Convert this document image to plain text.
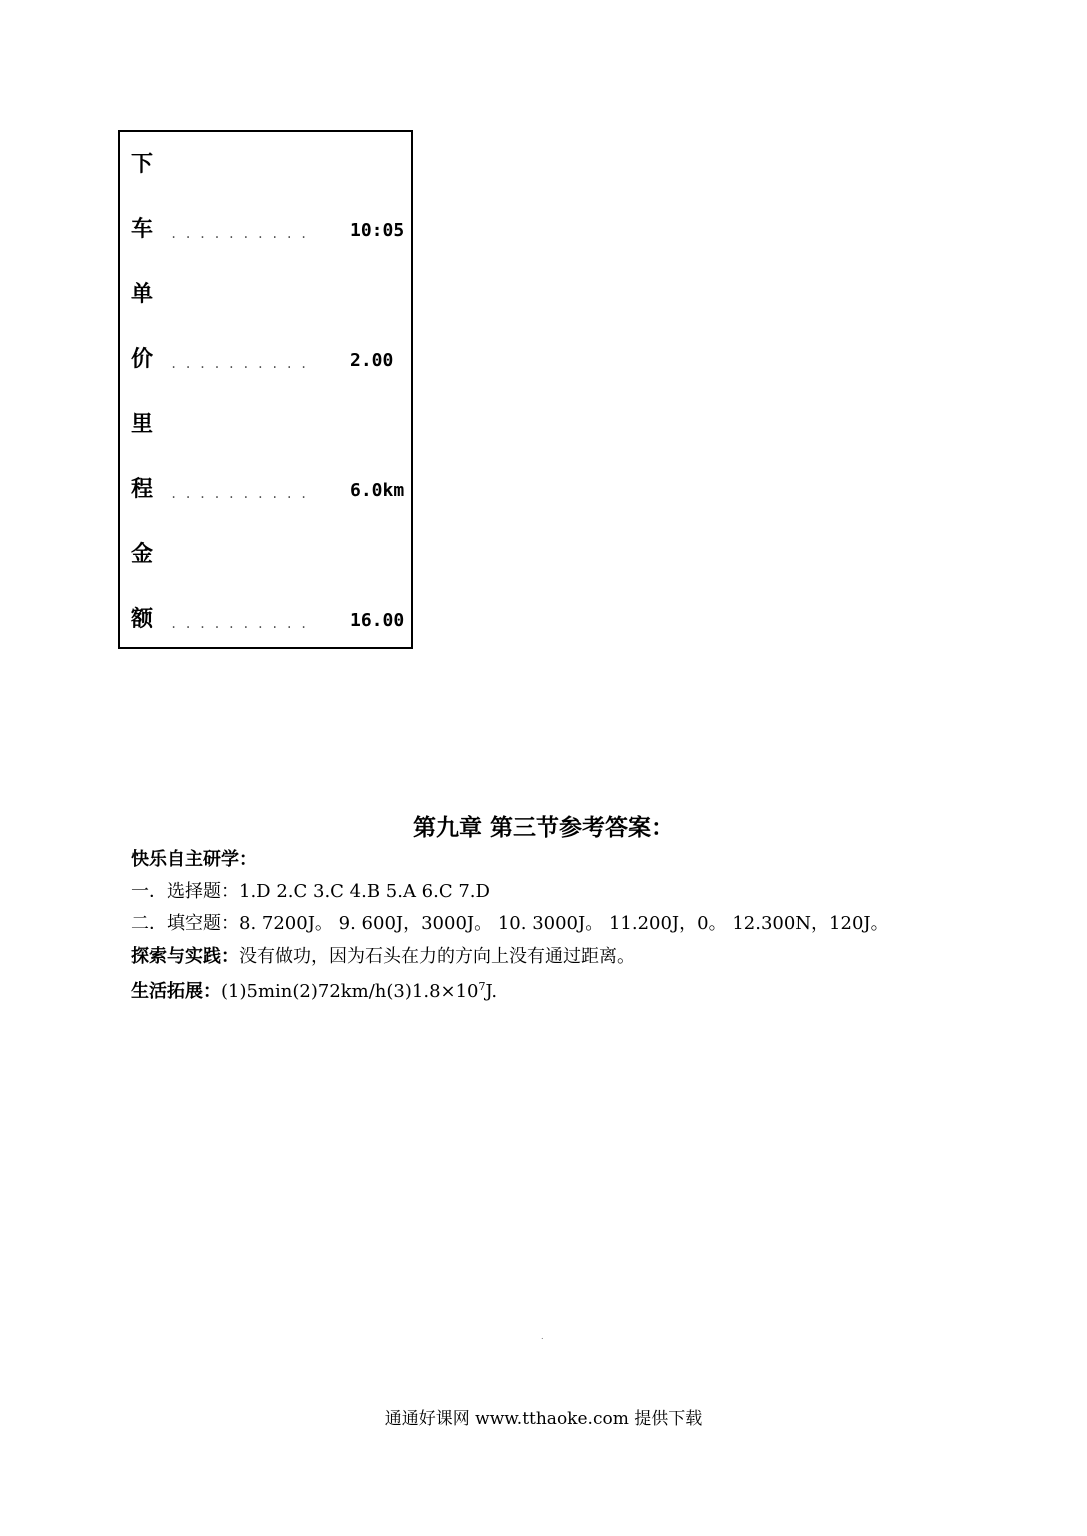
下
车 . . . . . . . . . .	10:05
单
价 . . . . . . . . . .	2.00
里
程 . . . . . . . . . .	6.0km
金
额 . . . . . . . . . .	16.00
第九章 第三节参考答案：
快乐自主研学：
一．选择题：1.D 2.C 3.C 4.B 5.A 6.C 7.D
二．填空题：8. 7200J。 9. 600J，3000J。 10. 3000J。 11.200J，0。 12.300N，120J。
探索与实践：没有做功，因为石头在力的方向上没有通过距离。
生活拓展：$(1)5\min(2)72km/h(3)1.8\times 10^7J$.
.
通通好课网 www.tthaoke.com 提供下载
